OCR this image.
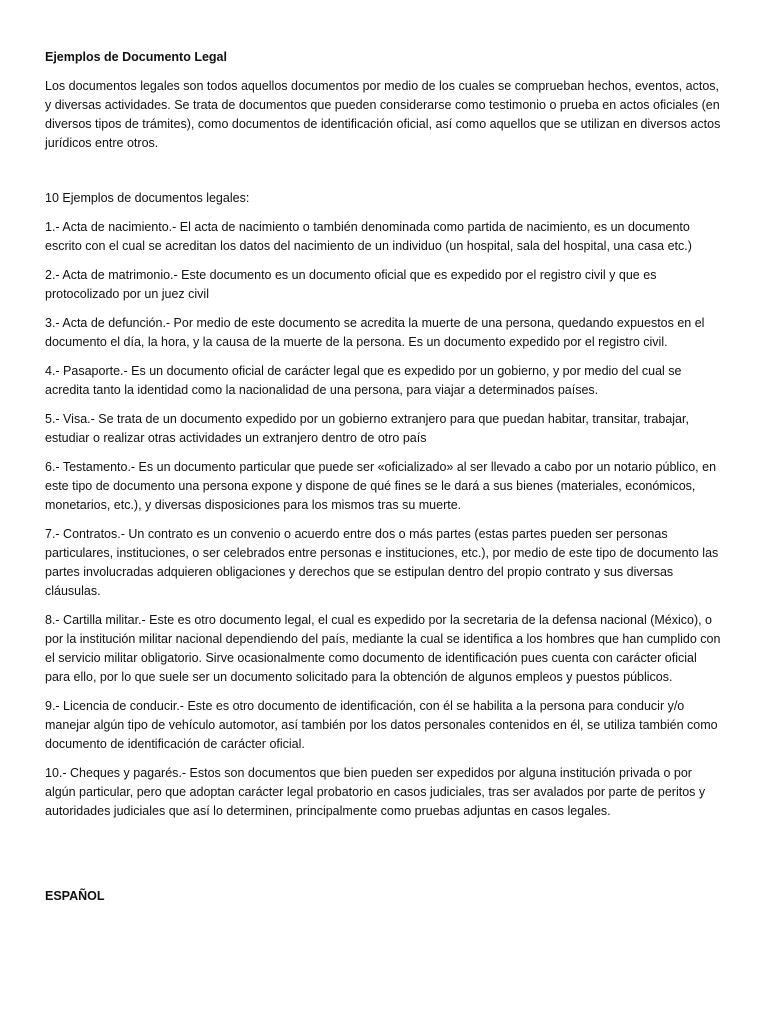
Ejemplos de Documento Legal

Los documentos legales son todos aquellos documentos por medio de los cuales se comprueban hechos, eventos, actos, y diversas actividades. Se trata de documentos que pueden considerarse como testimonio o prueba en actos oficiales (en diversos tipos de trámites), como documentos de identificación oficial, así como aquellos que se utilizan en diversos actos jurídicos entre otros.

10 Ejemplos de documentos legales:

1.- Acta de nacimiento.- El acta de nacimiento o también denominada como partida de nacimiento, es un documento escrito con el cual se acreditan los datos del nacimiento de un individuo (un hospital, sala del hospital, una casa etc.)

2.- Acta de matrimonio.- Este documento es un documento oficial que es expedido por el registro civil y que es protocolizado por un juez civil

3.- Acta de defunción.- Por medio de este documento se acredita la muerte de una persona, quedando expuestos en el documento el día, la hora, y la causa de la muerte de la persona. Es un documento expedido por el registro civil.

4.- Pasaporte.- Es un documento oficial de carácter legal que es expedido por un gobierno, y por medio del cual se acredita tanto la identidad como la nacionalidad de una persona, para viajar a determinados países.

5.- Visa.- Se trata de un documento expedido por un gobierno extranjero para que puedan habitar, transitar, trabajar, estudiar o realizar otras actividades un extranjero dentro de otro país

6.- Testamento.- Es un documento particular que puede ser «oficializado» al ser llevado a cabo por un notario público, en este tipo de documento una persona expone y dispone de qué fines se le dará a sus bienes (materiales, económicos, monetarios, etc.), y diversas disposiciones para los mismos tras su muerte.

7.- Contratos.- Un contrato es un convenio o acuerdo entre dos o más partes (estas partes pueden ser personas particulares, instituciones, o ser celebrados entre personas e instituciones, etc.), por medio de este tipo de documento las partes involucradas adquieren obligaciones y derechos que se estipulan dentro del propio contrato y sus diversas cláusulas.

8.- Cartilla militar.- Este es otro documento legal, el cual es expedido por la secretaria de la defensa nacional (México), o por la institución militar nacional dependiendo del país, mediante la cual se identifica a los hombres que han cumplido con el servicio militar obligatorio. Sirve ocasionalmente como documento de identificación pues cuenta con carácter oficial para ello, por lo que suele ser un documento solicitado para la obtención de algunos empleos y puestos públicos.

9.- Licencia de conducir.- Este es otro documento de identificación, con él se habilita a la persona para conducir y/o manejar algún tipo de vehículo automotor, así también por los datos personales contenidos en él, se utiliza también como documento de identificación de carácter oficial.

10.- Cheques y pagarés.- Estos son documentos que bien pueden ser expedidos por alguna institución privada o por algún particular, pero que adoptan carácter legal probatorio en casos judiciales, tras ser avalados por parte de peritos y autoridades judiciales que así lo determinen, principalmente como pruebas adjuntas en casos legales.

ESPAÑOL
